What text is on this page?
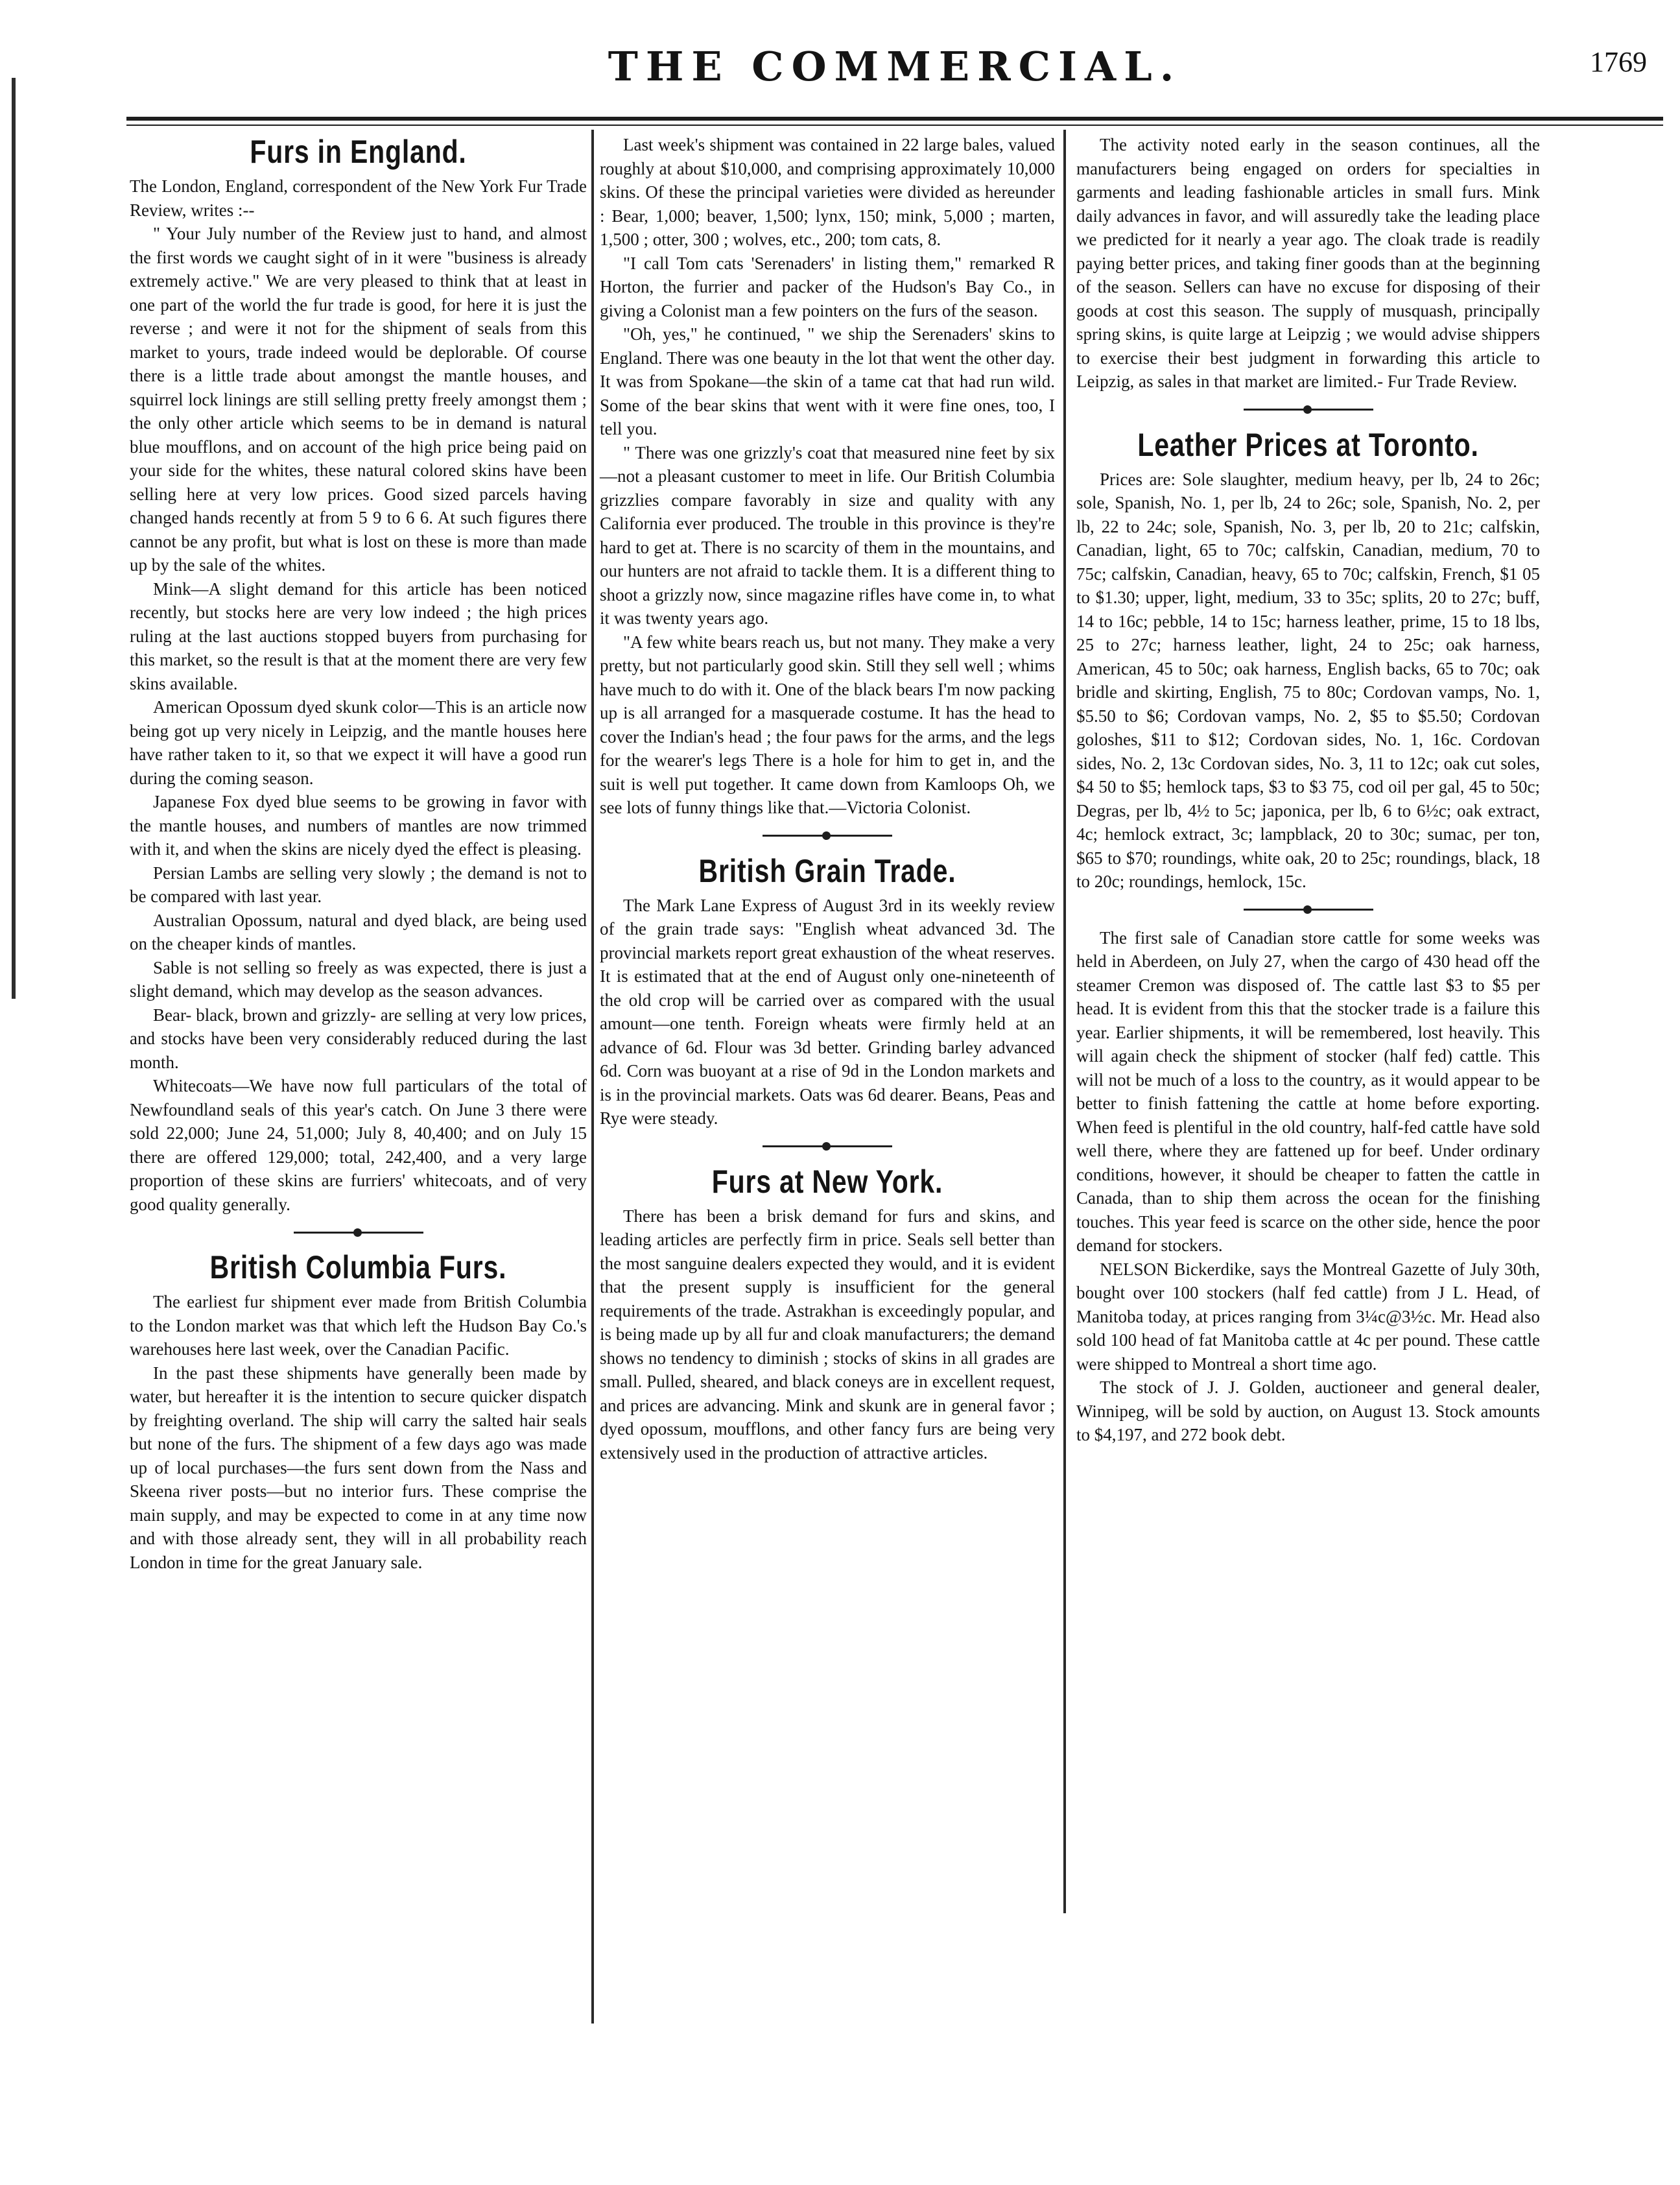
THE COMMERCIAL.	1769
Furs in England.

The London, England, correspondent of the New York Fur Trade Review, writes :--

" Your July number of the Review just to hand, and almost the first words we caught sight of in it were "business is already extremely active." We are very pleased to think that at least in one part of the world the fur trade is good, for here it is just the reverse ; and were it not for the shipment of seals from this market to yours, trade indeed would be deplorable. Of course there is a little trade about amongst the mantle houses, and squirrel lock linings are still selling pretty freely amongst them ; the only other article which seems to be in demand is natural blue moufflons, and on account of the high price being paid on your side for the whites, these natural colored skins have been selling here at very low prices. Good sized parcels having changed hands recently at from 5 9 to 6 6. At such figures there cannot be any profit, but what is lost on these is more than made up by the sale of the whites.

Mink—A slight demand for this article has been noticed recently, but stocks here are very low indeed ; the high prices ruling at the last auctions stopped buyers from purchasing for this market, so the result is that at the moment there are very few skins available.

American Opossum dyed skunk color—This is an article now being got up very nicely in Leipzig, and the mantle houses here have rather taken to it, so that we expect it will have a good run during the coming season.

Japanese Fox dyed blue seems to be growing in favor with the mantle houses, and numbers of mantles are now trimmed with it, and when the skins are nicely dyed the effect is pleasing.

Persian Lambs are selling very slowly ; the demand is not to be compared with last year.

Australian Opossum, natural and dyed black, are being used on the cheaper kinds of mantles.

Sable is not selling so freely as was expected, there is just a slight demand, which may develop as the season advances.

Bear- black, brown and grizzly- are selling at very low prices, and stocks have been very considerably reduced during the last month.

Whitecoats—We have now full particulars of the total of Newfoundland seals of this year's catch. On June 3 there were sold 22,000; June 24, 51,000; July 8, 40,400; and on July 15 there are offered 129,000; total, 242,400, and a very large proportion of these skins are furriers' whitecoats, and of very good quality generally.

British Columbia Furs.

The earliest fur shipment ever made from British Columbia to the London market was that which left the Hudson Bay Co.'s warehouses here last week, over the Canadian Pacific.

In the past these shipments have generally been made by water, but hereafter it is the intention to secure quicker dispatch by freighting overland. The ship will carry the salted hair seals but none of the furs. The shipment of a few days ago was made up of local purchases—the furs sent down from the Nass and Skeena river posts—but no interior furs. These comprise the main supply, and may be expected to come in at any time now and with those already sent, they will in all probability reach London in time for the great January sale.

Last week's shipment was contained in 22 large bales, valued roughly at about $10,000, and comprising approximately 10,000 skins. Of these the principal varieties were divided as hereunder : Bear, 1,000; beaver, 1,500; lynx, 150; mink, 5,000 ; marten, 1,500 ; otter, 300 ; wolves, etc., 200; tom cats, 8.

"I call Tom cats 'Serenaders' in listing them," remarked R Horton, the furrier and packer of the Hudson's Bay Co., in giving a Colonist man a few pointers on the furs of the season.

"Oh, yes," he continued, " we ship the Serenaders' skins to England. There was one beauty in the lot that went the other day. It was from Spokane—the skin of a tame cat that had run wild. Some of the bear skins that went with it were fine ones, too, I tell you.

" There was one grizzly's coat that measured nine feet by six—not a pleasant customer to meet in life. Our British Columbia grizzlies compare favorably in size and quality with any California ever produced. The trouble in this province is they're hard to get at. There is no scarcity of them in the mountains, and our hunters are not afraid to tackle them. It is a different thing to shoot a grizzly now, since magazine rifles have come in, to what it was twenty years ago.

"A few white bears reach us, but not many. They make a very pretty, but not particularly good skin. Still they sell well ; whims have much to do with it. One of the black bears I'm now packing up is all arranged for a masquerade costume. It has the head to cover the Indian's head ; the four paws for the arms, and the legs for the wearer's legs There is a hole for him to get in, and the suit is well put together. It came down from Kamloops Oh, we see lots of funny things like that.—Victoria Colonist.

British Grain Trade.

The Mark Lane Express of August 3rd in its weekly review of the grain trade says: "English wheat advanced 3d. The provincial markets report great exhaustion of the wheat reserves. It is estimated that at the end of August only one-nineteenth of the old crop will be carried over as compared with the usual amount—one tenth. Foreign wheats were firmly held at an advance of 6d. Flour was 3d better. Grinding barley advanced 6d. Corn was buoyant at a rise of 9d in the London markets and is in the provincial markets. Oats was 6d dearer. Beans, Peas and Rye were steady.

Furs at New York.

There has been a brisk demand for furs and skins, and leading articles are perfectly firm in price. Seals sell better than the most sanguine dealers expected they would, and it is evident that the present supply is insufficient for the general requirements of the trade. Astrakhan is exceedingly popular, and is being made up by all fur and cloak manufacturers; the demand shows no tendency to diminish ; stocks of skins in all grades are small. Pulled, sheared, and black coneys are in excellent request, and prices are advancing. Mink and skunk are in general favor ; dyed opossum, moufflons, and other fancy furs are being very extensively used in the production of attractive articles.

The activity noted early in the season continues, all the manufacturers being engaged on orders for specialties in garments and leading fashionable articles in small furs. Mink daily advances in favor, and will assuredly take the leading place we predicted for it nearly a year ago. The cloak trade is readily paying better prices, and taking finer goods than at the beginning of the season. Sellers can have no excuse for disposing of their goods at cost this season. The supply of musquash, principally spring skins, is quite large at Leipzig ; we would advise shippers to exercise their best judgment in forwarding this article to Leipzig, as sales in that market are limited.- Fur Trade Review.

Leather Prices at Toronto.

Prices are: Sole slaughter, medium heavy, per lb, 24 to 26c; sole, Spanish, No. 1, per lb, 24 to 26c; sole, Spanish, No. 2, per lb, 22 to 24c; sole, Spanish, No. 3, per lb, 20 to 21c; calfskin, Canadian, light, 65 to 70c; calfskin, Canadian, medium, 70 to 75c; calfskin, Canadian, heavy, 65 to 70c; calfskin, French, $1 05 to $1.30; upper, light, medium, 33 to 35c; splits, 20 to 27c; buff, 14 to 16c; pebble, 14 to 15c; harness leather, prime, 15 to 18 lbs, 25 to 27c; harness leather, light, 24 to 25c; oak harness, American, 45 to 50c; oak harness, English backs, 65 to 70c; oak bridle and skirting, English, 75 to 80c; Cordovan vamps, No. 1, $5.50 to $6; Cordovan vamps, No. 2, $5 to $5.50; Cordovan goloshes, $11 to $12; Cordovan sides, No. 1, 16c. Cordovan sides, No. 2, 13c Cordovan sides, No. 3, 11 to 12c; oak cut soles, $4 50 to $5; hemlock taps, $3 to $3 75, cod oil per gal, 45 to 50c; Degras, per lb, 4½ to 5c; japonica, per lb, 6 to 6½c; oak extract, 4c; hemlock extract, 3c; lampblack, 20 to 30c; sumac, per ton, $65 to $70; roundings, white oak, 20 to 25c; roundings, black, 18 to 20c; roundings, hemlock, 15c.

The first sale of Canadian store cattle for some weeks was held in Aberdeen, on July 27, when the cargo of 430 head off the steamer Cremon was disposed of. The cattle last $3 to $5 per head. It is evident from this that the stocker trade is a failure this year. Earlier shipments, it will be remembered, lost heavily. This will again check the shipment of stocker (half fed) cattle. This will not be much of a loss to the country, as it would appear to be better to finish fattening the cattle at home before exporting. When feed is plentiful in the old country, half-fed cattle have sold well there, where they are fattened up for beef. Under ordinary conditions, however, it should be cheaper to fatten the cattle in Canada, than to ship them across the ocean for the finishing touches. This year feed is scarce on the other side, hence the poor demand for stockers.

NELSON Bickerdike, says the Montreal Gazette of July 30th, bought over 100 stockers (half fed cattle) from J L. Head, of Manitoba today, at prices ranging from 3¼c@3½c. Mr. Head also sold 100 head of fat Manitoba cattle at 4c per pound. These cattle were shipped to Montreal a short time ago.

The stock of J. J. Golden, auctioneer and general dealer, Winnipeg, will be sold by auction, on August 13. Stock amounts to $4,197, and 272 book debt.
